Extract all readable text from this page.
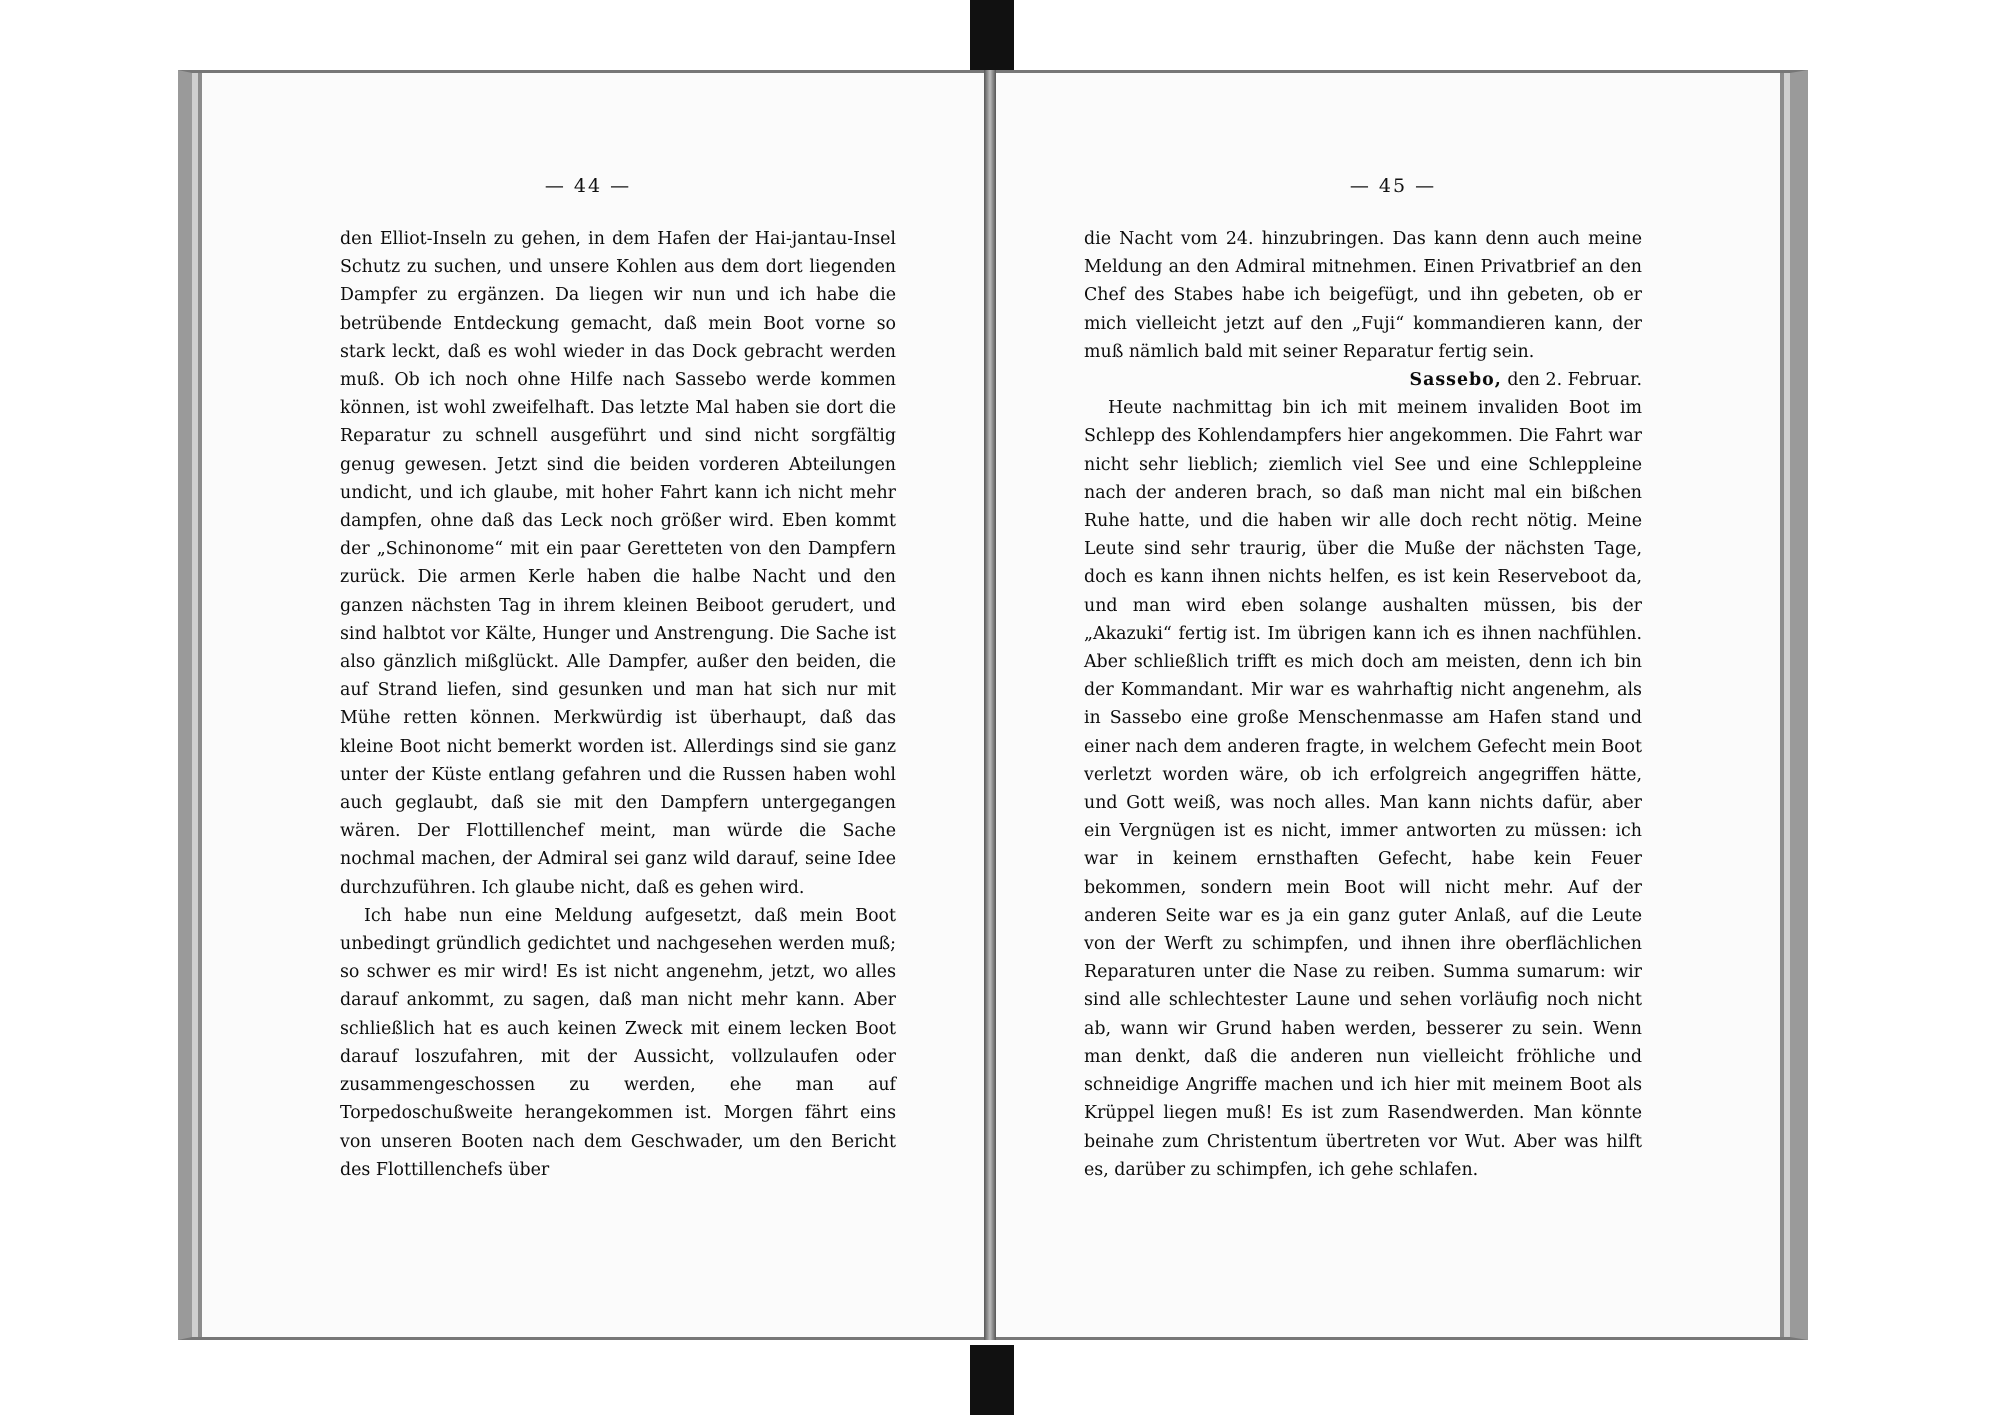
— 44 —

den Elliot-Inseln zu gehen, in dem Hafen der Hai-jantau-Insel Schutz zu suchen, und unsere Kohlen aus dem dort liegenden Dampfer zu ergänzen. Da liegen wir nun und ich habe die betrübende Entdeckung gemacht, daß mein Boot vorne so stark leckt, daß es wohl wieder in das Dock gebracht werden muß. Ob ich noch ohne Hilfe nach Sassebo werde kommen können, ist wohl zweifelhaft. Das letzte Mal haben sie dort die Reparatur zu schnell ausgeführt und sind nicht sorgfältig genug gewesen. Jetzt sind die beiden vorderen Abteilungen undicht, und ich glaube, mit hoher Fahrt kann ich nicht mehr dampfen, ohne daß das Leck noch größer wird. Eben kommt der „Schinonome“ mit ein paar Geretteten von den Dampfern zurück. Die armen Kerle haben die halbe Nacht und den ganzen nächsten Tag in ihrem kleinen Beiboot gerudert, und sind halbtot vor Kälte, Hunger und Anstrengung. Die Sache ist also gänzlich mißglückt. Alle Dampfer, außer den beiden, die auf Strand liefen, sind gesunken und man hat sich nur mit Mühe retten können. Merkwürdig ist überhaupt, daß das kleine Boot nicht bemerkt worden ist. Allerdings sind sie ganz unter der Küste entlang gefahren und die Russen haben wohl auch geglaubt, daß sie mit den Dampfern untergegangen wären. Der Flottillenchef meint, man würde die Sache nochmal machen, der Admiral sei ganz wild darauf, seine Idee durchzuführen. Ich glaube nicht, daß es gehen wird.

Ich habe nun eine Meldung aufgesetzt, daß mein Boot unbedingt gründlich gedichtet und nachgesehen werden muß; so schwer es mir wird! Es ist nicht angenehm, jetzt, wo alles darauf ankommt, zu sagen, daß man nicht mehr kann. Aber schließlich hat es auch keinen Zweck mit einem lecken Boot darauf loszufahren, mit der Aussicht, vollzulaufen oder zusammengeschossen zu werden, ehe man auf Torpedoschußweite herangekommen ist. Morgen fährt eins von unseren Booten nach dem Geschwader, um den Bericht des Flottillenchefs über

— 45 —

die Nacht vom 24. hinzubringen. Das kann denn auch meine Meldung an den Admiral mitnehmen. Einen Privatbrief an den Chef des Stabes habe ich beigefügt, und ihn gebeten, ob er mich vielleicht jetzt auf den „Fuji“ kommandieren kann, der muß nämlich bald mit seiner Reparatur fertig sein.

Sassebo, den 2. Februar.

Heute nachmittag bin ich mit meinem invaliden Boot im Schlepp des Kohlendampfers hier angekommen. Die Fahrt war nicht sehr lieblich; ziemlich viel See und eine Schleppleine nach der anderen brach, so daß man nicht mal ein bißchen Ruhe hatte, und die haben wir alle doch recht nötig. Meine Leute sind sehr traurig, über die Muße der nächsten Tage, doch es kann ihnen nichts helfen, es ist kein Reserveboot da, und man wird eben solange aushalten müssen, bis der „Akazuki“ fertig ist. Im übrigen kann ich es ihnen nachfühlen. Aber schließlich trifft es mich doch am meisten, denn ich bin der Kommandant. Mir war es wahrhaftig nicht angenehm, als in Sassebo eine große Menschenmasse am Hafen stand und einer nach dem anderen fragte, in welchem Gefecht mein Boot verletzt worden wäre, ob ich erfolgreich angegriffen hätte, und Gott weiß, was noch alles. Man kann nichts dafür, aber ein Vergnügen ist es nicht, immer antworten zu müssen: ich war in keinem ernsthaften Gefecht, habe kein Feuer bekommen, sondern mein Boot will nicht mehr. Auf der anderen Seite war es ja ein ganz guter Anlaß, auf die Leute von der Werft zu schimpfen, und ihnen ihre oberflächlichen Reparaturen unter die Nase zu reiben. Summa sumarum: wir sind alle schlechtester Laune und sehen vorläufig noch nicht ab, wann wir Grund haben werden, besserer zu sein. Wenn man denkt, daß die anderen nun vielleicht fröhliche und schneidige Angriffe machen und ich hier mit meinem Boot als Krüppel liegen muß! Es ist zum Rasendwerden. Man könnte beinahe zum Christentum übertreten vor Wut. Aber was hilft es, darüber zu schimpfen, ich gehe schlafen.
